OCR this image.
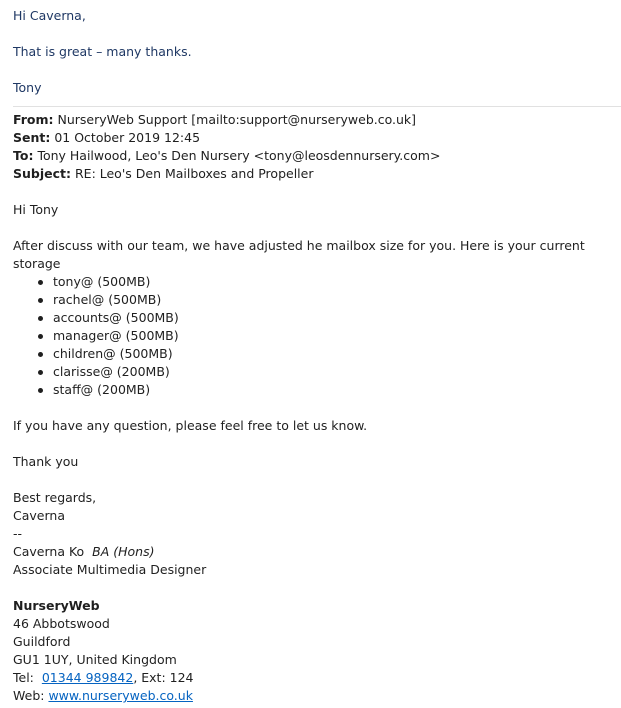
Hi Caverna,

That is great – many thanks.

Tony

From: NurseryWeb Support [mailto:support@nurseryweb.co.uk]

Sent: 01 October 2019 12:45

To: Tony Hailwood, Leo's Den Nursery <tony@leosdennursery.com>

Subject: RE: Leo's Den Mailboxes and Propeller

Hi Tony

After discuss with our team, we have adjusted he mailbox size for you. Here is your current storage

tony@ (500MB)
rachel@ (500MB)
accounts@ (500MB)
manager@ (500MB)
children@ (500MB)
clarisse@ (200MB)
staff@ (200MB)

If you have any question, please feel free to let us know.

Thank you

Best regards,

Caverna

--

Caverna Ko BA (Hons)

Associate Multimedia Designer

NurseryWeb

46 Abbotswood

Guildford

GU1 1UY, United Kingdom

Tel: 01344 989842, Ext: 124

Web: www.nurseryweb.co.uk
